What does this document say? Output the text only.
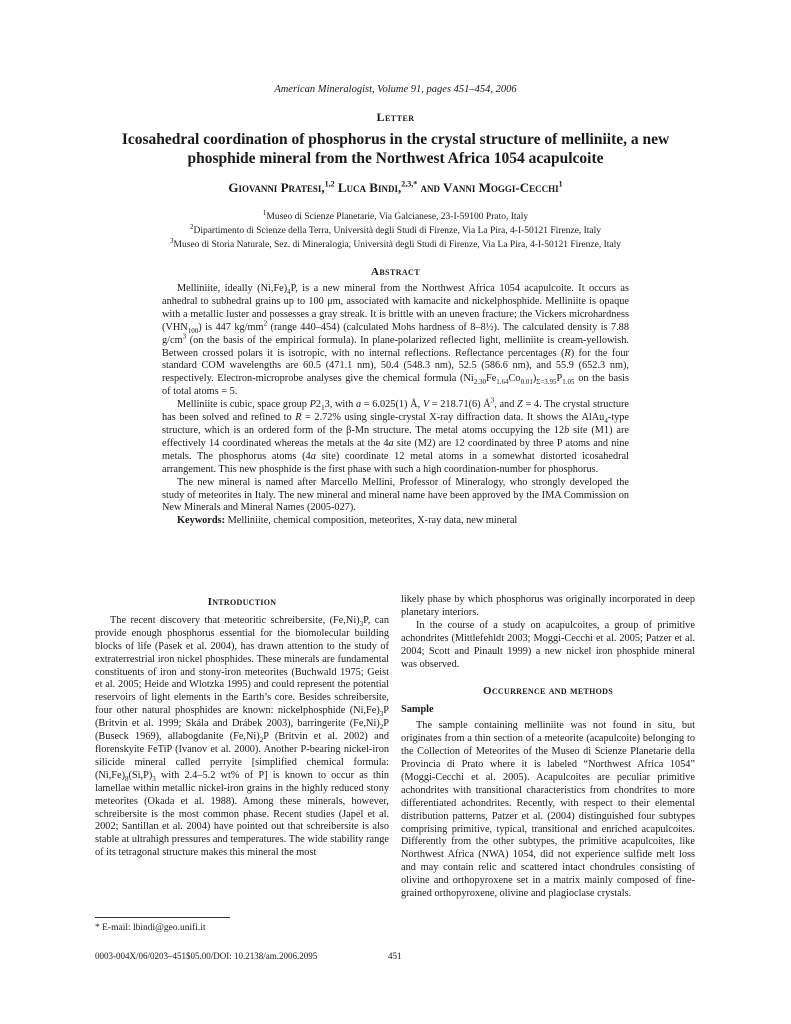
American Mineralogist, Volume 91, pages 451–454, 2006
Letter
Icosahedral coordination of phosphorus in the crystal structure of melliniite, a new phosphide mineral from the Northwest Africa 1054 acapulcoite
Giovanni Pratesi,$^{1,2}$ Luca Bindi,$^{2,3,*}$ and Vanni Moggi-Cecchi$^1$
$^1$Museo di Scienze Planetarie, Via Galcianese, 23-I-59100 Prato, Italy
$^2$Dipartimento di Scienze della Terra, Università degli Studi di Firenze, Via La Pira, 4-I-50121 Firenze, Italy
$^3$Museo di Storia Naturale, Sez. di Mineralogia, Università degli Studi di Firenze, Via La Pira, 4-I-50121 Firenze, Italy
Abstract

Melliniite, ideally $(Ni,Fe)_4P$, is a new mineral from the Northwest Africa 1054 acapulcoite. It occurs as anhedral to subhedral grains up to 100 μm, associated with kamacite and nickelphosphide. Melliniite is opaque with a metallic luster and possesses a gray streak. It is brittle with an uneven fracture; the Vickers microhardness $(VHN_{100})$ is 447 $kg/mm^2$ (range 440–454) (calculated Mohs hardness of 8–8½). The calculated density is 7.88 $g/cm^3$ (on the basis of the empirical formula). In plane-polarized reflected light, melliniite is cream-yellowish. Between crossed polars it is isotropic, with no internal reflections. Reflectance percentages (R) for the four standard COM wavelengths are 60.5 (471.1 nm), 50.4 (548.3 nm), 52.5 (586.6 nm), and 55.9 (652.3 nm), respectively. Electron-microprobe analyses give the chemical formula $(Ni_{2.30}Fe_{1.64}Co_{0.01})_{\Sigma=3.95}P_{1.05}$ on the basis of total atoms = 5.

Melliniite is cubic, space group $P2_13$, with a = 6.025(1) Å, V = 218.71(6) $Å^3$, and Z = 4. The crystal structure has been solved and refined to R = 2.72% using single-crystal X-ray diffraction data. It shows the AlAu$_4$-type structure, which is an ordered form of the β-Mn structure. The metal atoms occupying the 12b site (M1) are effectively 14 coordinated whereas the metals at the 4a site (M2) are 12 coordinated by three P atoms and nine metals. The phosphorus atoms (4a site) coordinate 12 metal atoms in a somewhat distorted icosahedral arrangement. This new phosphide is the first phase with such a high coordination-number for phosphorus.

The new mineral is named after Marcello Mellini, Professor of Mineralogy, who strongly developed the study of meteorites in Italy. The new mineral and mineral name have been approved by the IMA Commission on New Minerals and Mineral Names (2005-027).

Keywords: Melliniite, chemical composition, meteorites, X-ray data, new mineral

Introduction

The recent discovery that meteoritic schreibersite, $(Fe,Ni)_3P$, can provide enough phosphorus essential for the biomolecular building blocks of life (Pasek et al. 2004), has drawn attention to the study of extraterrestrial iron nickel phosphides. These minerals are fundamental constituents of iron and stony-iron meteorites (Buchwald 1975; Geist et al. 2005; Heide and Wlotzka 1995) and could represent the potential reservoirs of light elements in the Earth’s core. Besides schreibersite, four other natural phosphides are known: nickelphosphide $(Ni,Fe)_3P$ (Britvin et al. 1999; Skála and Drábek 2003), barringerite $(Fe,Ni)_2P$ (Buseck 1969), allabogdanite $(Fe,Ni)_2P$ (Britvin et al. 2002) and florenskyite FeTiP (Ivanov et al. 2000). Another P-bearing nickel-iron silicide mineral called perryite [simplified chemical formula: $(Ni,Fe)_8(Si,P)_3$ with 2.4–5.2 wt% of P] is known to occur as thin lamellae within metallic nickel-iron grains in the highly reduced stony meteorites (Okada et al. 1988). Among these minerals, however, schreibersite is the most common phase. Recent studies (Japel et al. 2002; Santillan et al. 2004) have pointed out that schreibersite is also stable at ultrahigh pressures and temperatures. The wide stability range of its tetragonal structure makes this mineral the most

likely phase by which phosphorus was originally incorporated in deep planetary interiors.

In the course of a study on acapulcoites, a group of primitive achondrites (Mittlefehldt 2003; Moggi-Cecchi et al. 2005; Patzer et al. 2004; Scott and Pinault 1999) a new nickel iron phosphide mineral was observed.

Occurrence and methods
Sample

The sample containing melliniite was not found in situ, but originates from a thin section of a meteorite (acapulcoite) belonging to the Collection of Meteorites of the Museo di Scienze Planetarie della Provincia di Prato where it is labeled “Northwest Africa 1054” (Moggi-Cecchi et al. 2005). Acapulcoites are peculiar primitive achondrites with transitional characteristics from chondrites to more differentiated achondrites. Recently, with respect to their elemental distribution patterns, Patzer et al. (2004) distinguished four subtypes comprising primitive, typical, transitional and enriched acapulcoites. Differently from the other subtypes, the primitive acapulcoites, like Northwest Africa (NWA) 1054, did not experience sulfide melt loss and may contain relic and scattered intact chondrules consisting of olivine and orthopyroxene set in a matrix mainly composed of fine-grained orthopyroxene, olivine and plagioclase crystals.

* E-mail: lbindi@geo.unifi.it
0003-004X/06/0203–451$05.00/DOI: 10.2138/am.2006.2095	451
